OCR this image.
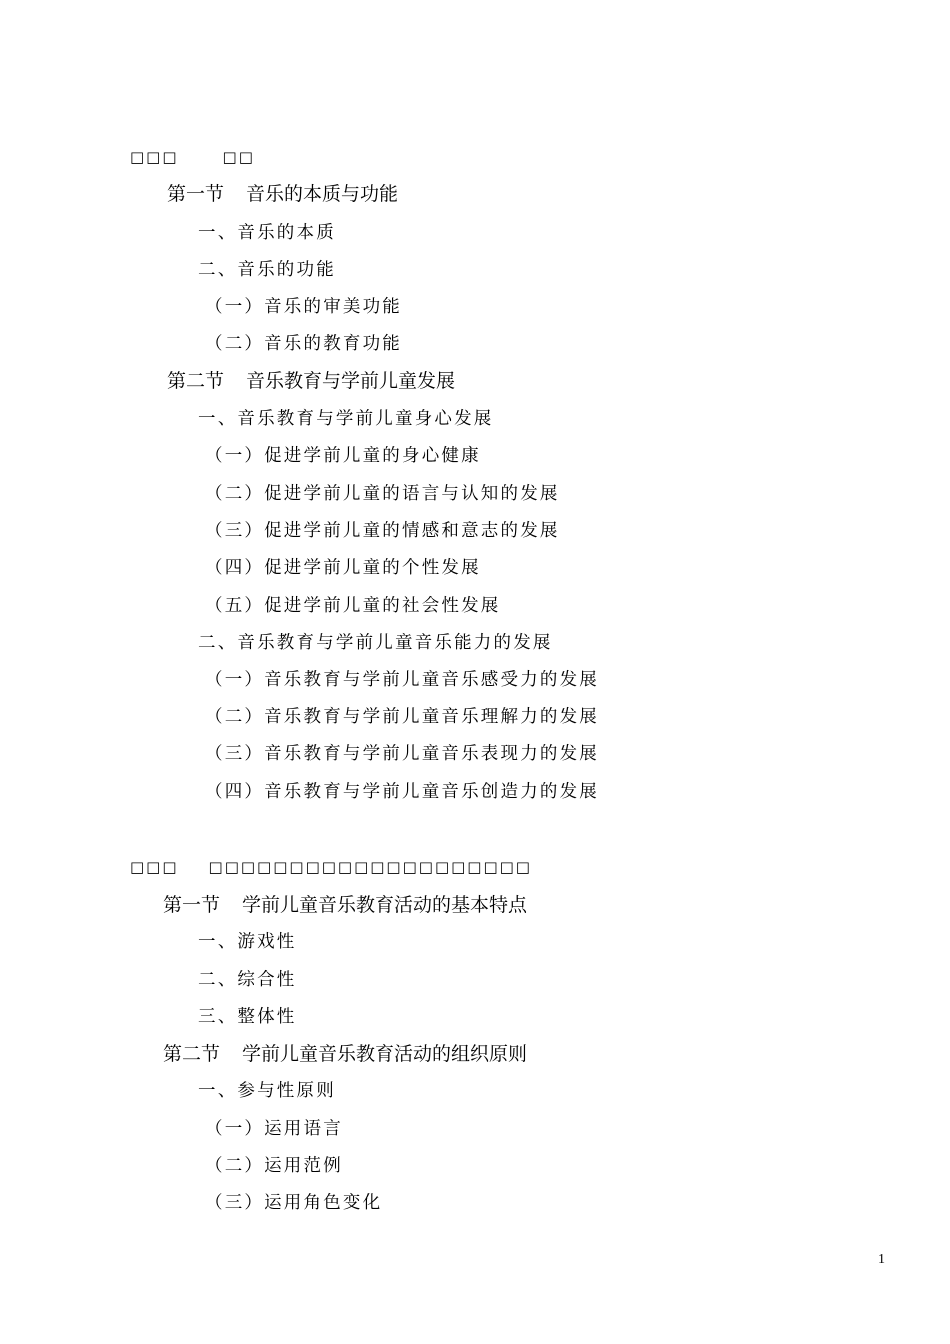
□□□	□□
第一节 音乐的本质与功能
一、音乐的本质
二、音乐的功能
（一）音乐的审美功能
（二）音乐的教育功能
第二节 音乐教育与学前儿童发展
一、音乐教育与学前儿童身心发展
（一）促进学前儿童的身心健康
（二）促进学前儿童的语言与认知的发展
（三）促进学前儿童的情感和意志的发展
（四）促进学前儿童的个性发展
（五）促进学前儿童的社会性发展
二、音乐教育与学前儿童音乐能力的发展
（一）音乐教育与学前儿童音乐感受力的发展
（二）音乐教育与学前儿童音乐理解力的发展
（三）音乐教育与学前儿童音乐表现力的发展
（四）音乐教育与学前儿童音乐创造力的发展
□□□ □□□□□□□□□□□□□□□□□□□□
第一节 学前儿童音乐教育活动的基本特点
一、游戏性
二、综合性
三、整体性
第二节 学前儿童音乐教育活动的组织原则
一、参与性原则
（一）运用语言
（二）运用范例
（三）运用角色变化
1
